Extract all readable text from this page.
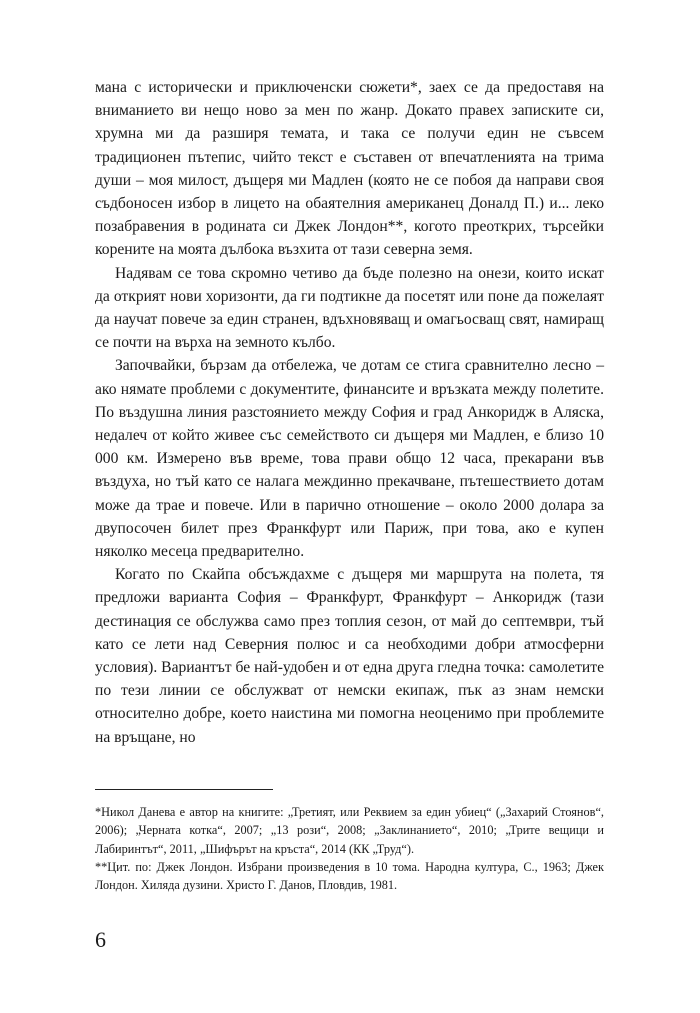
мана с исторически и приключенски сюжети*, заех се да предоставя на вниманието ви нещо ново за мен по жанр. Докато правех записките си, хрумна ми да разширя темата, и така се получи един не съвсем традиционен пътепис, чийто текст е съставен от впечатленията на трима души – моя милост, дъщеря ми Мадлен (която не се побоя да направи своя съдбоносен избор в лицето на обаятелния американец Доналд П.) и... леко позабравения в родината си Джек Лондон**, когото преоткрих, търсейки корените на моята дълбока възхита от тази северна земя.

Надявам се това скромно четиво да бъде полезно на онези, които искат да открият нови хоризонти, да ги подтикне да посетят или поне да пожелаят да научат повече за един странен, вдъхновяващ и омагьосващ свят, намиращ се почти на върха на земното кълбо.

Започвайки, бързам да отбележа, че дотам се стига сравнително лесно – ако нямате проблеми с документите, финансите и връзката между полетите. По въздушна линия разстоянието между София и град Анкоридж в Аляска, недалеч от който живее със семейството си дъщеря ми Мадлен, е близо 10 000 км. Измерено във време, това прави общо 12 часа, прекарани във въздуха, но тъй като се налага междинно прекачване, пътешествието дотам може да трае и повече. Или в парично отношение – около 2000 долара за двупосочен билет през Франкфурт или Париж, при това, ако е купен няколко месеца предварително.

Когато по Скайпа обсъждахме с дъщеря ми маршрута на полета, тя предложи варианта София – Франкфурт, Франкфурт – Анкоридж (тази дестинация се обслужва само през топлия сезон, от май до септември, тъй като се лети над Северния полюс и са необходими добри атмосферни условия). Вариантът бе най-удобен и от една друга гледна точка: самолетите по тези линии се обслужват от немски екипаж, пък аз знам немски относително добре, което наистина ми помогна неоценимо при проблемите на връщане, но

*Никол Данева е автор на книгите: „Третият, или Реквием за един убиец“ („Захарий Стоянов“, 2006); „Черната котка“, 2007; „13 рози“, 2008; „Заклинанието“, 2010; „Трите вещици и Лабиринтът“, 2011, „Шифърът на кръста“, 2014 (КК „Труд“).

**Цит. по: Джек Лондон. Избрани произведения в 10 тома. Народна култура, С., 1963; Джек Лондон. Хиляда дузини. Христо Г. Данов, Пловдив, 1981.

6
